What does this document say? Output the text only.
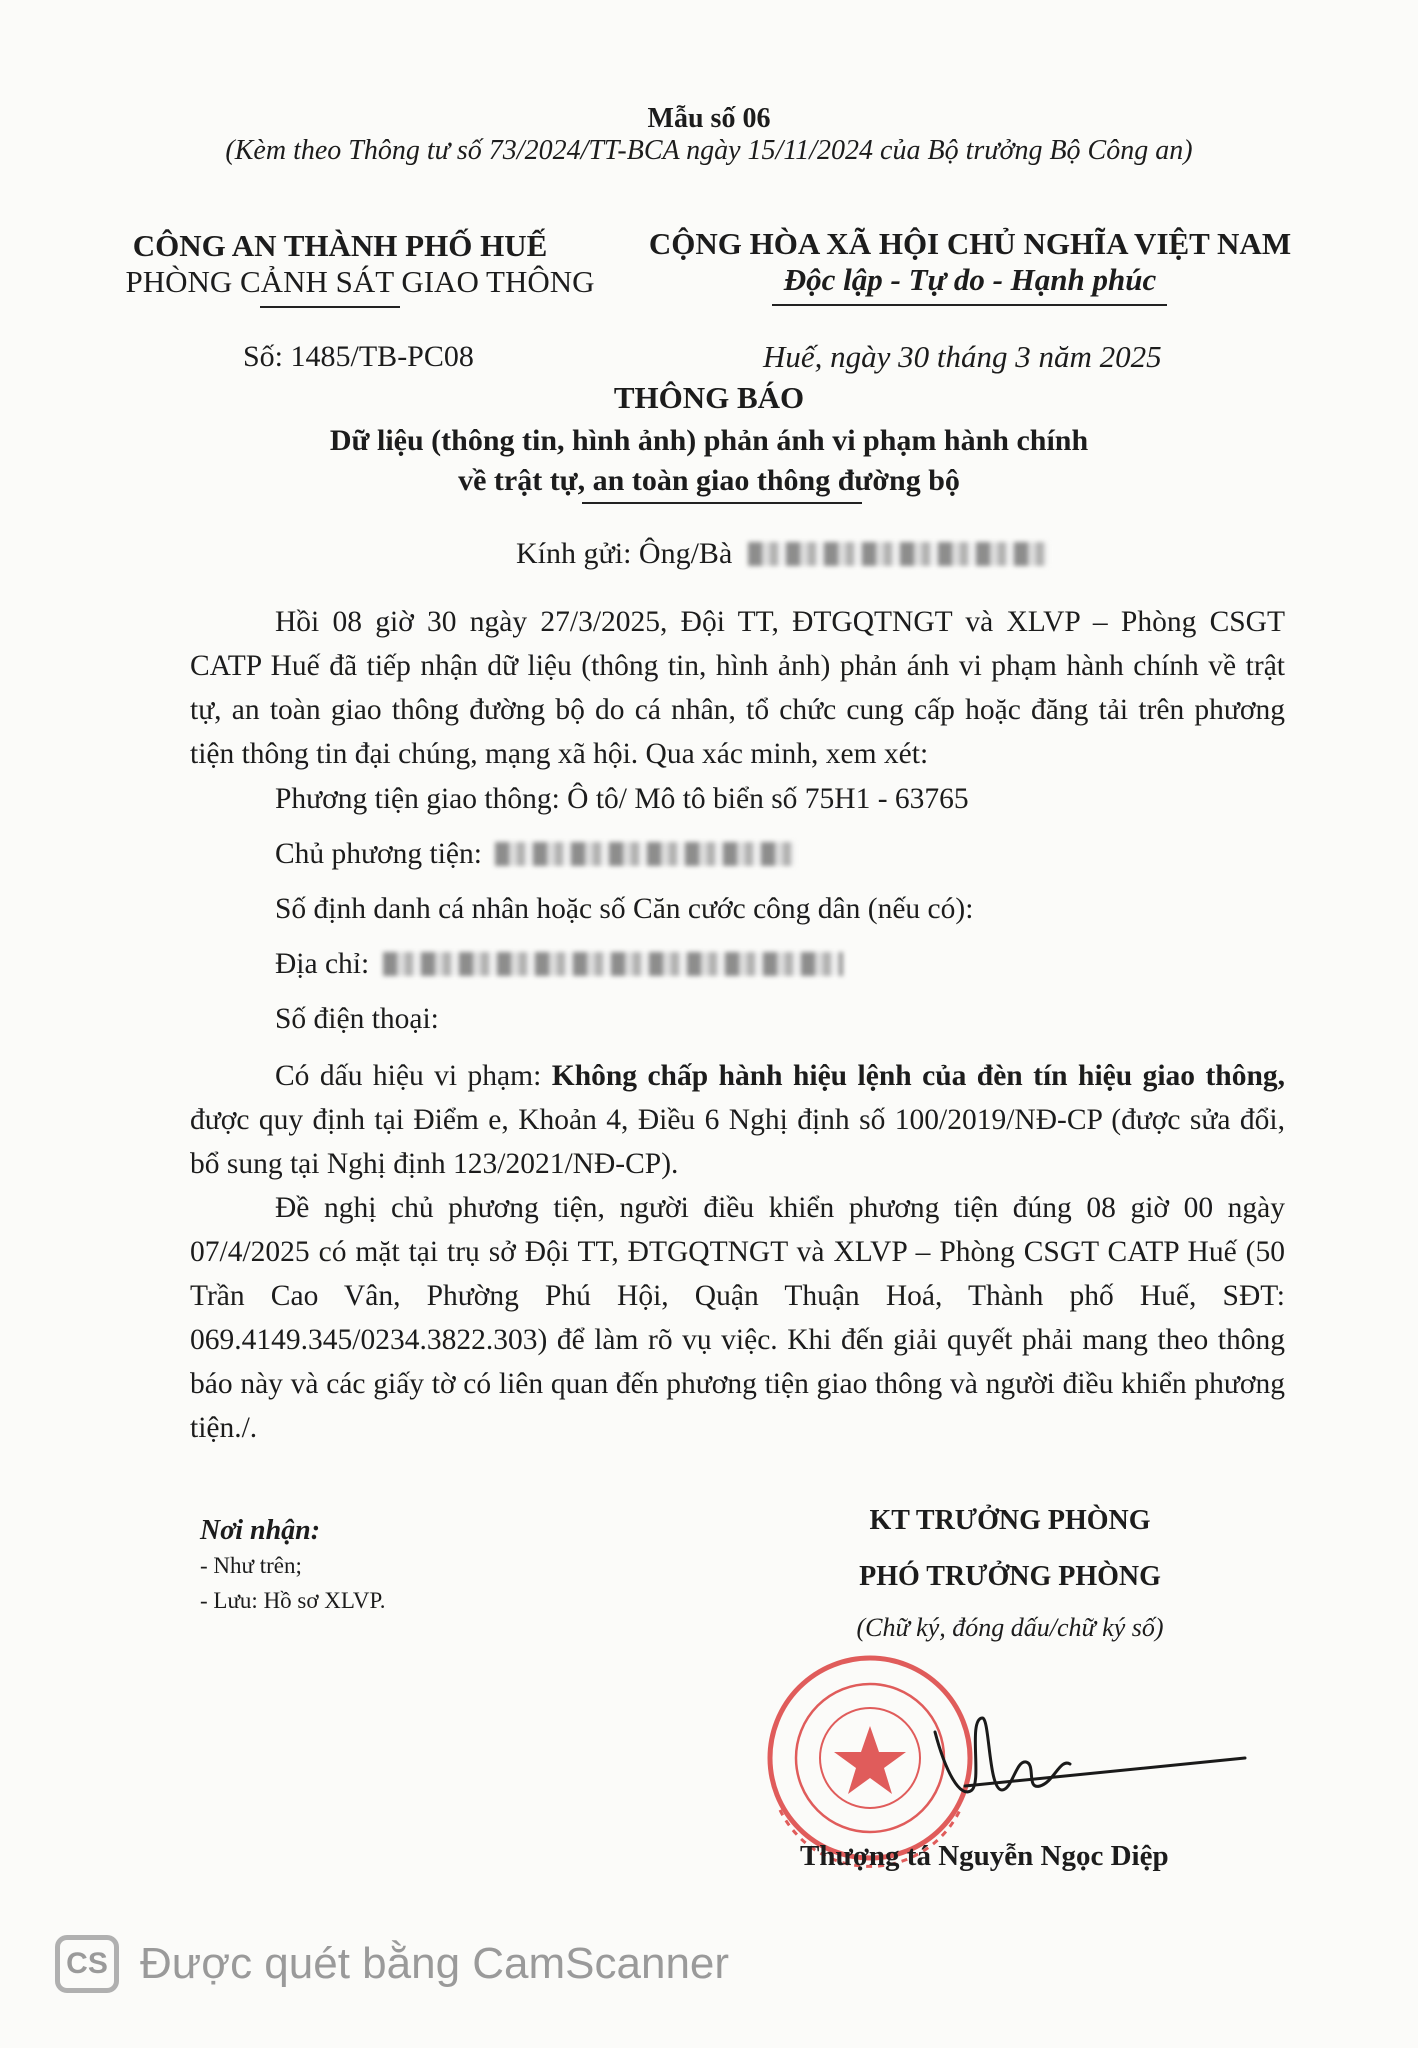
Mẫu số 06
(Kèm theo Thông tư số 73/2024/TT-BCA ngày 15/11/2024 của Bộ trưởng Bộ Công an)
CÔNG AN THÀNH PHỐ HUẾ
PHÒNG CẢNH SÁT GIAO THÔNG
Số: 1485/TB-PC08
CỘNG HÒA XÃ HỘI CHỦ NGHĨA VIỆT NAM
Độc lập - Tự do - Hạnh phúc
Huế, ngày 30 tháng 3 năm 2025
THÔNG BÁO
Dữ liệu (thông tin, hình ảnh) phản ánh vi phạm hành chính
về trật tự, an toàn giao thông đường bộ
Kính gửi: Ông/Bà
Hồi 08 giờ 30 ngày 27/3/2025, Đội TT, ĐTGQTNGT và XLVP – Phòng CSGT CATP Huế đã tiếp nhận dữ liệu (thông tin, hình ảnh) phản ánh vi phạm hành chính về trật tự, an toàn giao thông đường bộ do cá nhân, tổ chức cung cấp hoặc đăng tải trên phương tiện thông tin đại chúng, mạng xã hội. Qua xác minh, xem xét:
Phương tiện giao thông: Ô tô/ Mô tô biển số 75H1 - 63765
Chủ phương tiện:
Số định danh cá nhân hoặc số Căn cước công dân (nếu có):
Địa chỉ:
Số điện thoại:
Có dấu hiệu vi phạm: Không chấp hành hiệu lệnh của đèn tín hiệu giao thông, được quy định tại Điểm e, Khoản 4, Điều 6 Nghị định số 100/2019/NĐ-CP (được sửa đổi, bổ sung tại Nghị định 123/2021/NĐ-CP).
Đề nghị chủ phương tiện, người điều khiển phương tiện đúng 08 giờ 00 ngày 07/4/2025 có mặt tại trụ sở Đội TT, ĐTGQTNGT và XLVP – Phòng CSGT CATP Huế (50 Trần Cao Vân, Phường Phú Hội, Quận Thuận Hoá, Thành phố Huế, SĐT: 069.4149.345/0234.3822.303) để làm rõ vụ việc. Khi đến giải quyết phải mang theo thông báo này và các giấy tờ có liên quan đến phương tiện giao thông và người điều khiển phương tiện./.
Nơi nhận:
- Như trên;
- Lưu: Hồ sơ XLVP.
KT TRƯỞNG PHÒNG
PHÓ TRƯỞNG PHÒNG
(Chữ ký, đóng dấu/chữ ký số)
Thượng tá Nguyễn Ngọc Diệp
CS Được quét bằng CamScanner
